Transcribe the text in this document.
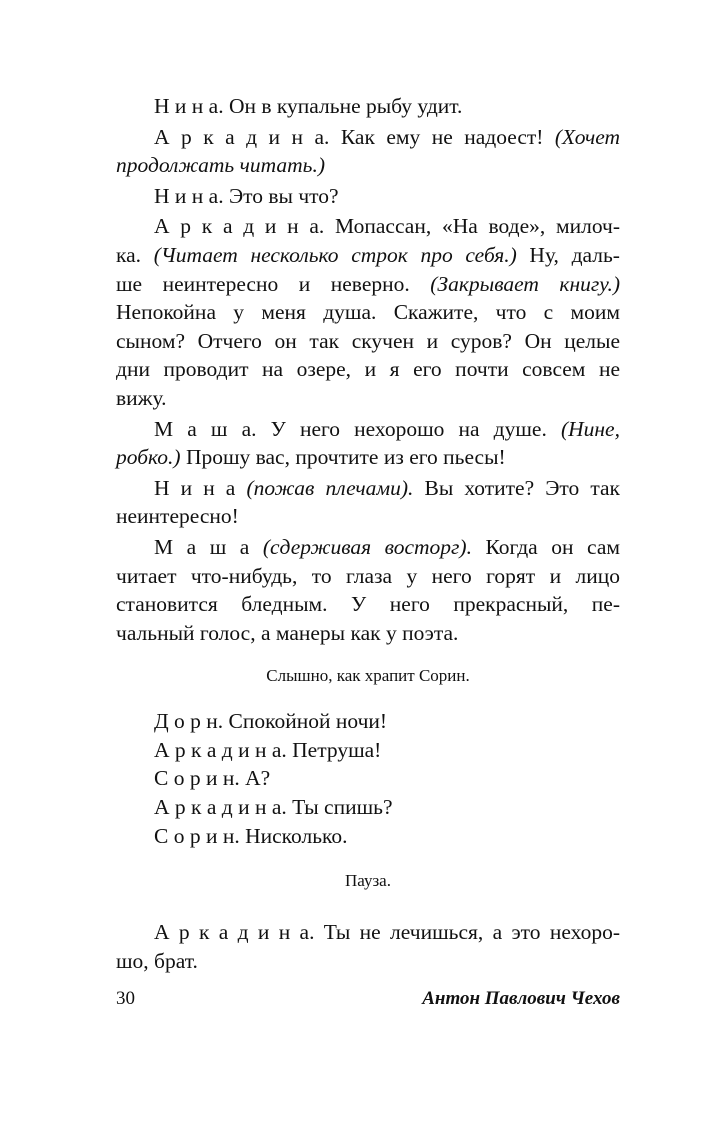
Н и н а. Он в купальне рыбу удит.
А р к а д и н а. Как ему не надоест! (Хочет
продолжать читать.)
Н и н а. Это вы что?
А р к а д и н а. Мопассан, «На воде», милоч-
ка. (Читает несколько строк про себя.) Ну, даль-
ше неинтересно и неверно. (Закрывает книгу.)
Непокойна у меня душа. Скажите, что с моим
сыном? Отчего он так скучен и суров? Он целые
дни проводит на озере, и я его почти совсем не
вижу.
М а ш а. У него нехорошо на душе. (Нине,
робко.) Прошу вас, прочтите из его пьесы!
Н и н а (пожав плечами). Вы хотите? Это так
неинтересно!
М а ш а (сдерживая восторг). Когда он сам
читает что-нибудь, то глаза у него горят и лицо
становится бледным. У него прекрасный, пе-
чальный голос, а манеры как у поэта.
Слышно, как храпит Сорин.
Д о р н. Спокойной ночи!
А р к а д и н а. Петруша!
С о р и н. А?
А р к а д и н а. Ты спишь?
С о р и н. Нисколько.
Пауза.
А р к а д и н а. Ты не лечишься, а это нехоро-
шо, брат.
30	Антон Павлович Чехов
